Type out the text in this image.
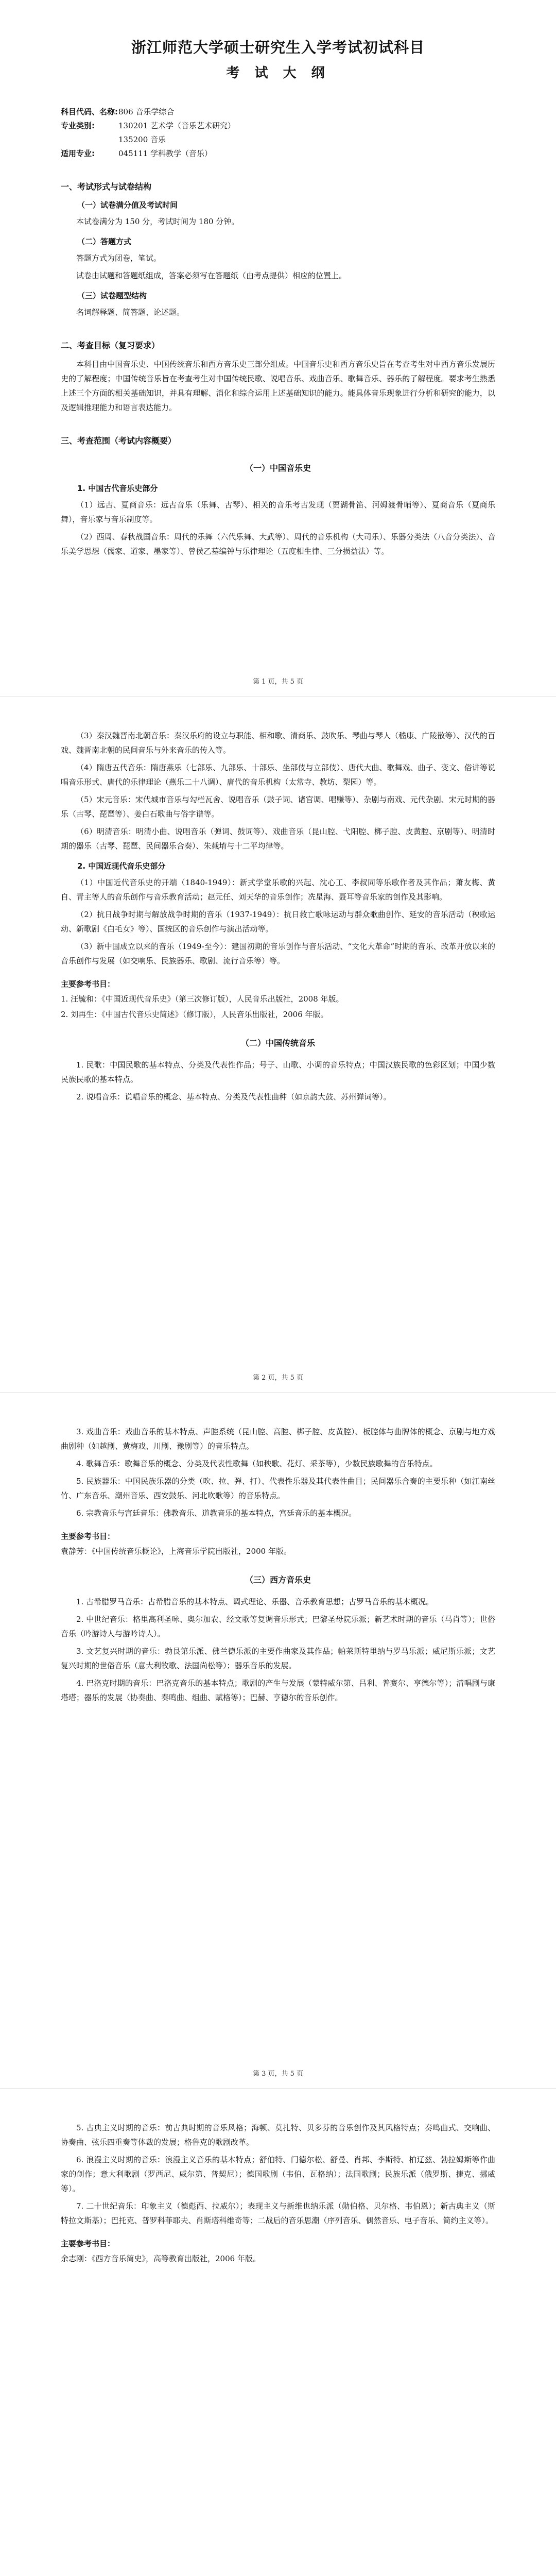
浙江师范大学硕士研究生入学考试初试科目
考 试 大 纲
科目代码、名称: 806 音乐学综合
专业类别:	130201 艺术学（音乐艺术研究）
135200 音乐
适用专业:	045111 学科教学（音乐）
一、考试形式与试卷结构
（一）试卷满分值及考试时间

本试卷满分为 150 分，考试时间为 180 分钟。

（二）答题方式

答题方式为闭卷，笔试。

试卷由试题和答题纸组成，答案必须写在答题纸（由考点提供）相应的位置上。

（三）试卷题型结构

名词解释题、简答题、论述题。

二、考查目标（复习要求）

本科目由中国音乐史、中国传统音乐和西方音乐史三部分组成。中国音乐史和西方音乐史旨在考查考生对中西方音乐发展历史的了解程度；中国传统音乐旨在考查考生对中国传统民歌、说唱音乐、戏曲音乐、歌舞音乐、器乐的了解程度。要求考生熟悉上述三个方面的相关基础知识，并具有理解、消化和综合运用上述基础知识的能力。能具体音乐现象进行分析和研究的能力，以及逻辑推理能力和语言表达能力。

三、考查范围（考试内容概要）
（一）中国音乐史
1. 中国古代音乐史部分

（1）远古、夏商音乐：远古音乐（乐舞、古琴）、相关的音乐考古发现（贾湖骨笛、河姆渡骨哨等）、夏商音乐（夏商乐舞），音乐家与音乐制度等。

（2）西周、春秋战国音乐：周代的乐舞（六代乐舞、大武等）、周代的音乐机构（大司乐）、乐器分类法（八音分类法）、音乐美学思想（儒家、道家、墨家等）、曾侯乙墓编钟与乐律理论（五度相生律、三分损益法）等。

第 1 页，共 5 页

（3）秦汉魏晋南北朝音乐：秦汉乐府的设立与职能、相和歌、清商乐、鼓吹乐、琴曲与琴人（嵇康、广陵散等）、汉代的百戏、魏晋南北朝的民间音乐与外来音乐的传入等。

（4）隋唐五代音乐：隋唐燕乐（七部乐、九部乐、十部乐、坐部伎与立部伎）、唐代大曲、歌舞戏、曲子、变文、俗讲等说唱音乐形式、唐代的乐律理论（燕乐二十八调）、唐代的音乐机构（太常寺、教坊、梨园）等。

（5）宋元音乐：宋代城市音乐与勾栏瓦舍、说唱音乐（鼓子词、诸宫调、唱赚等）、杂剧与南戏、元代杂剧、宋元时期的器乐（古琴、琵琶等）、姜白石歌曲与俗字谱等。

（6）明清音乐：明清小曲、说唱音乐（弹词、鼓词等）、戏曲音乐（昆山腔、弋阳腔、梆子腔、皮黄腔、京剧等）、明清时期的器乐（古琴、琵琶、民间器乐合奏）、朱载堉与十二平均律等。

2. 中国近现代音乐史部分

（1）中国近代音乐史的开端（1840-1949）：新式学堂乐歌的兴起、沈心工、李叔同等乐歌作者及其作品；萧友梅、黄自、青主等人的音乐创作与音乐教育活动；赵元任、刘天华的音乐创作；冼星海、聂耳等音乐家的创作及其影响。

（2）抗日战争时期与解放战争时期的音乐（1937-1949）：抗日救亡歌咏运动与群众歌曲创作、延安的音乐活动（秧歌运动、新歌剧《白毛女》等）、国统区的音乐创作与演出活动等。

（3）新中国成立以来的音乐（1949-至今）：建国初期的音乐创作与音乐活动、“文化大革命”时期的音乐、改革开放以来的音乐创作与发展（如交响乐、民族器乐、歌剧、流行音乐等）等。

主要参考书目：

1. 汪毓和：《中国近现代音乐史》（第三次修订版），人民音乐出版社，2008 年版。

2. 刘再生：《中国古代音乐史简述》（修订版），人民音乐出版社，2006 年版。

（二）中国传统音乐

1. 民歌：中国民歌的基本特点、分类及代表性作品；号子、山歌、小调的音乐特点；中国汉族民歌的色彩区划；中国少数民族民歌的基本特点。

2. 说唱音乐：说唱音乐的概念、基本特点、分类及代表性曲种（如京韵大鼓、苏州弹词等）。

第 2 页，共 5 页

3. 戏曲音乐：戏曲音乐的基本特点、声腔系统（昆山腔、高腔、梆子腔、皮黄腔）、板腔体与曲牌体的概念、京剧与地方戏曲剧种（如越剧、黄梅戏、川剧、豫剧等）的音乐特点。

4. 歌舞音乐：歌舞音乐的概念、分类及代表性歌舞（如秧歌、花灯、采茶等），少数民族歌舞的音乐特点。

5. 民族器乐：中国民族乐器的分类（吹、拉、弹、打）、代表性乐器及其代表性曲目；民间器乐合奏的主要乐种（如江南丝竹、广东音乐、潮州音乐、西安鼓乐、河北吹歌等）的音乐特点。

6. 宗教音乐与宫廷音乐：佛教音乐、道教音乐的基本特点，宫廷音乐的基本概况。

主要参考书目：

袁静芳：《中国传统音乐概论》，上海音乐学院出版社，2000 年版。

（三）西方音乐史

1. 古希腊罗马音乐：古希腊音乐的基本特点、调式理论、乐器、音乐教育思想；古罗马音乐的基本概况。

2. 中世纪音乐：格里高利圣咏、奥尔加农、经文歌等复调音乐形式；巴黎圣母院乐派；新艺术时期的音乐（马肖等）；世俗音乐（吟游诗人与游吟诗人）。

3. 文艺复兴时期的音乐：勃艮第乐派、佛兰德乐派的主要作曲家及其作品；帕莱斯特里纳与罗马乐派；威尼斯乐派；文艺复兴时期的世俗音乐（意大利牧歌、法国尚松等）；器乐音乐的发展。

4. 巴洛克时期的音乐：巴洛克音乐的基本特点；歌剧的产生与发展（蒙特威尔第、吕利、普赛尔、亨德尔等）；清唱剧与康塔塔；器乐的发展（协奏曲、奏鸣曲、组曲、赋格等）；巴赫、亨德尔的音乐创作。

第 3 页，共 5 页

5. 古典主义时期的音乐：前古典时期的音乐风格；海顿、莫扎特、贝多芬的音乐创作及其风格特点；奏鸣曲式、交响曲、协奏曲、弦乐四重奏等体裁的发展；格鲁克的歌剧改革。

6. 浪漫主义时期的音乐：浪漫主义音乐的基本特点；舒伯特、门德尔松、舒曼、肖邦、李斯特、柏辽兹、勃拉姆斯等作曲家的创作；意大利歌剧（罗西尼、威尔第、普契尼）；德国歌剧（韦伯、瓦格纳）；法国歌剧；民族乐派（俄罗斯、捷克、挪威等）。

7. 二十世纪音乐：印象主义（德彪西、拉威尔）；表现主义与新维也纳乐派（勋伯格、贝尔格、韦伯恩）；新古典主义（斯特拉文斯基）；巴托克、普罗科菲耶夫、肖斯塔科维奇等；二战后的音乐思潮（序列音乐、偶然音乐、电子音乐、简约主义等）。

主要参考书目：

余志刚：《西方音乐简史》，高等教育出版社，2006 年版。
